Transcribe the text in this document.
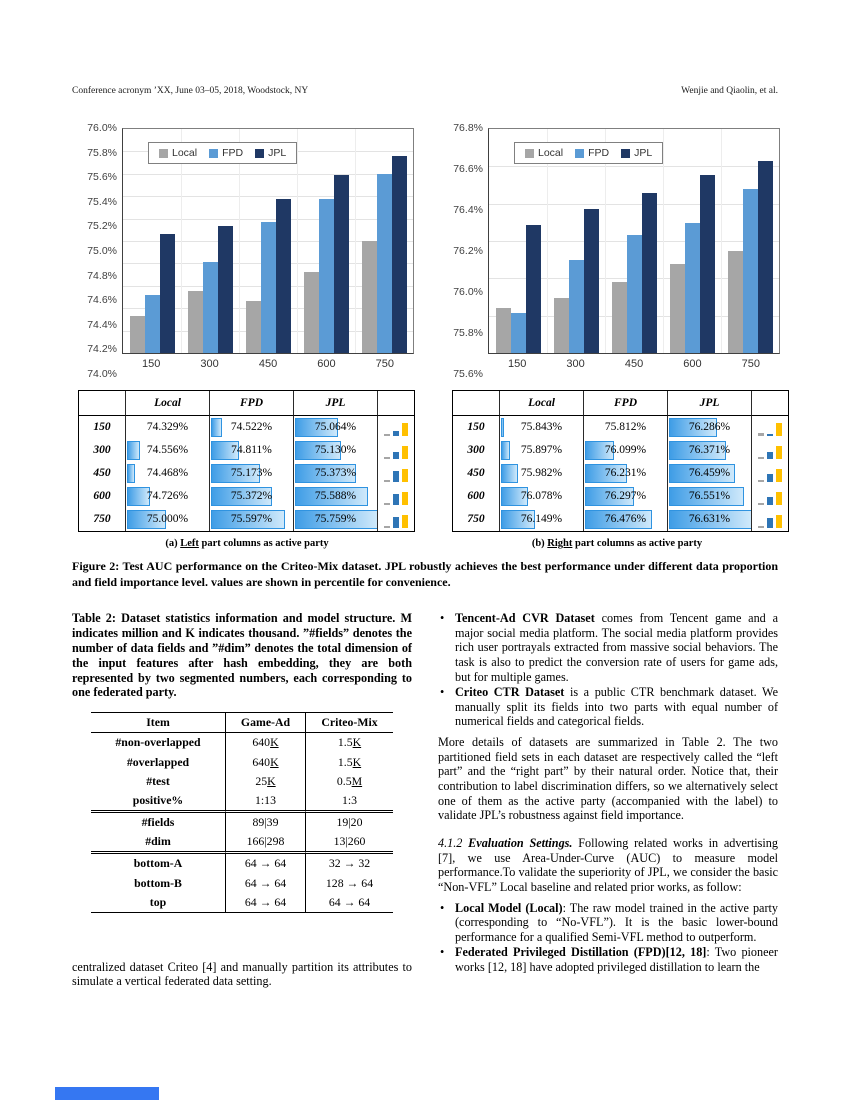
Conference acronym ’XX, June 03–05, 2018, Woodstock, NY	Wenjie and Qiaolin, et al.
76.0%
75.8%
75.6%
75.4%
75.2%
75.0%
74.8%
74.6%
74.4%
74.2%
74.0%
Local FPD JPL
150	300	450	600	750
76.8%
76.6%
76.4%
76.2%
76.0%
75.8%
75.6%
Local FPD JPL
150	300	450	600	750
Local	FPD	JPL
150	74.329%	74.522%	75.064%
300	74.556%	74.811%	75.130%
450	74.468%	75.173%	75.373%
600	74.726%	75.372%	75.588%
750	75.000%	75.597%	75.759%
Local	FPD	JPL
150	75.843%	75.812%	76.286%
300	75.897%	76.099%	76.371%
450	75.982%	76.231%	76.459%
600	76.078%	76.297%	76.551%
750	76.149%	76.476%	76.631%
(a) Left part columns as active party	(b) Right part columns as active party
Figure 2: Test AUC performance on the Criteo-Mix dataset. JPL robustly achieves the best performance under different data proportion and field importance level. values are shown in percentile for convenience.
Table 2: Dataset statistics information and model structure. M indicates million and K indicates thousand. ”#fields” denotes the number of data fields and ”#dim” denotes the total dimension of the input features after hash embedding, they are both represented by two segmented numbers, each corresponding to one federated party.
Item	Game-Ad	Criteo-Mix
#non-overlapped	640K	1.5K
#overlapped	640K	1.5K
#test	25K	0.5M
positive%	1:13	1:3
#fields	89|39	19|20
#dim	166|298	13|260
bottom-A	64 → 64	32 → 32
bottom-B	64 → 64	128 → 64
top	64 → 64	64 → 64
centralized dataset Criteo [4] and manually partition its attributes to simulate a vertical federated data setting.
• Tencent-Ad CVR Dataset comes from Tencent game and a major social media platform. The social media platform provides rich user portrayals extracted from massive social behaviors. The task is also to predict the conversion rate of users for game ads, but for multiple games.
• Criteo CTR Dataset is a public CTR benchmark dataset. We manually split its fields into two parts with equal number of numerical fields and categorical fields.
More details of datasets are summarized in Table 2. The two partitioned field sets in each dataset are respectively called the “left part” and the “right part” by their natural order. Notice that, their contribution to label discrimination differs, so we alternatively select one of them as the active party (accompanied with the label) to validate JPL’s robustness against field importance.
4.1.2 Evaluation Settings. Following related works in advertising [7], we use Area-Under-Curve (AUC) to measure model performance.To validate the superiority of JPL, we consider the basic “Non-VFL” Local baseline and related prior works, as follow:
• Local Model (Local): The raw model trained in the active party (corresponding to “No-VFL”). It is the basic lower-bound performance for a qualified Semi-VFL method to outperform.
• Federated Privileged Distillation (FPD)[12, 18]: Two pioneer works [12, 18] have adopted privileged distillation to learn the
